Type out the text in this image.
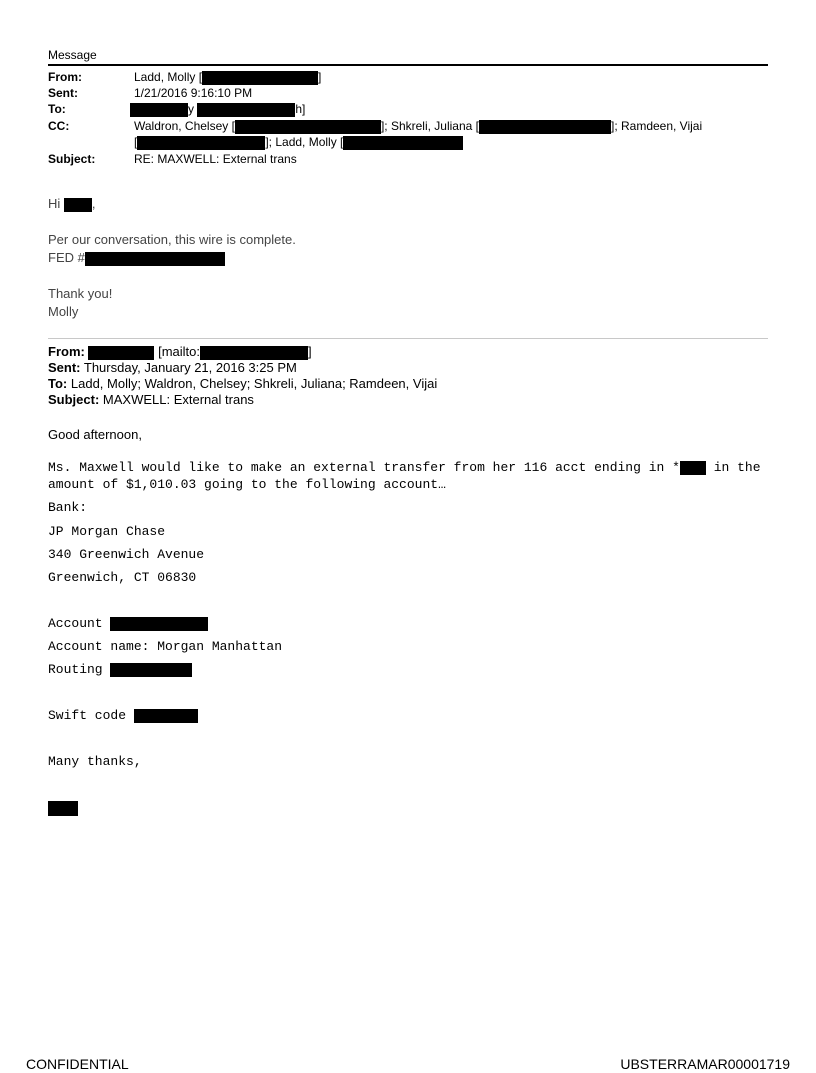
Message
From:	Ladd, Molly [	]
Sent:	1/21/2016 9:16:10 PM
To:	y	h]
CC:	Waldron, Chelsey [	]; Shkreli, Juliana [	]; Ramdeen, Vijai
[	]; Ladd, Molly [
Subject:	RE: MAXWELL: External trans
Hi ,
Per our conversation, this wire is complete.
FED #
Thank you!
Molly
From:	[mailto:	]
Sent: Thursday, January 21, 2016 3:25 PM
To: Ladd, Molly; Waldron, Chelsey; Shkreli, Juliana; Ramdeen, Vijai
Subject: MAXWELL: External trans
Good afternoon,
Ms. Maxwell would like to make an external transfer from her 116 acct ending in *	in the
amount of $1,010.03 going to the following account…
Bank:
JP Morgan Chase
340 Greenwich Avenue
Greenwich, CT 06830
Account
Account name: Morgan Manhattan
Routing
Swift code
Many thanks,
CONFIDENTIAL	UBSTERRAMAR00001719
